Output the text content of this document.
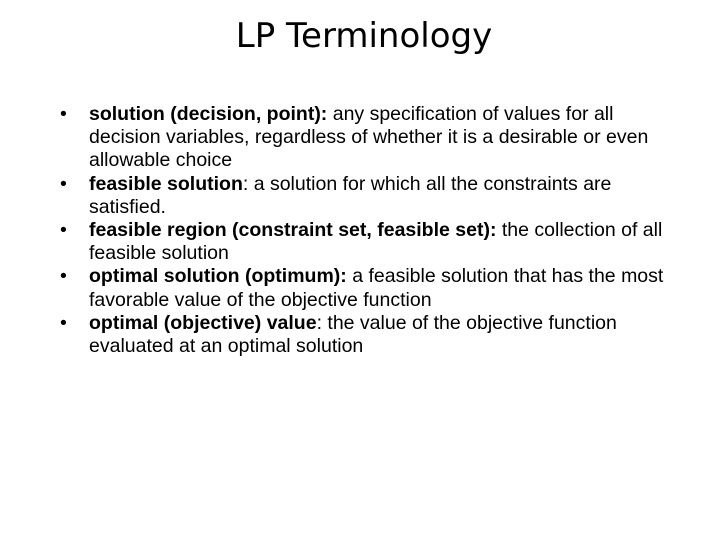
LP Terminology
• solution (decision, point): any specification of values for all decision variables, regardless of whether it is a desirable or even allowable choice
• feasible solution: a solution for which all the constraints are satisfied.
• feasible region (constraint set, feasible set): the collection of all feasible solution
• optimal solution (optimum): a feasible solution that has the most favorable value of the objective function
• optimal (objective) value: the value of the objective function evaluated at an optimal solution
